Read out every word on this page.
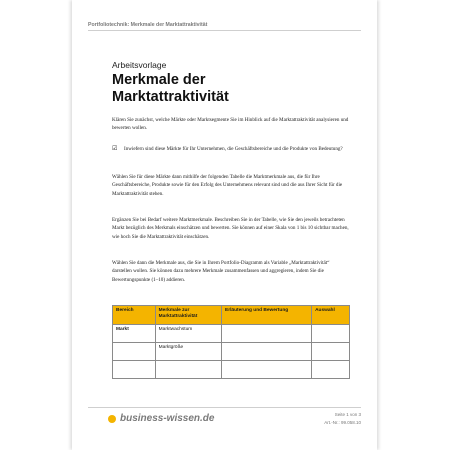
Portfoliotechnik: Merkmale der Marktattraktivität
Arbeitsvorlage
Merkmale der
Marktattraktivität
Klären Sie zunächst, welche Märkte oder Marktsegmente Sie im Hinblick auf die Marktattraktivität analysieren und bewerten wollen.
☑ Inwiefern sind diese Märkte für Ihr Unternehmen, die Geschäftsbereiche und die Produkte von Bedeutung?
Wählen Sie für diese Märkte dann mithilfe der folgenden Tabelle die Marktmerkmale aus, die für Ihre Geschäftsbereiche, Produkte sowie für den Erfolg des Unternehmens relevant sind und die aus Ihrer Sicht für die Marktattraktivität stehen.
Ergänzen Sie bei Bedarf weitere Marktmerkmale. Beschreiben Sie in der Tabelle, wie Sie den jeweils betrachteten Markt bezüglich des Merkmals einschätzen und bewerten. Sie können auf einer Skala von 1 bis 10 sichtbar machen, wie hoch Sie die Marktattraktivität einschätzen.
Wählen Sie dann die Merkmale aus, die Sie in Ihrem Portfolio-Diagramm als Variable „Marktattraktivität“ darstellen wollen. Sie können dazu mehrere Merkmale zusammenfassen und aggregieren, indem Sie die Bewertungspunkte (1–10) addieren.
Bereich	Merkmale zur Marktattraktivität	Erläuterung und Bewertung	Auswahl
Markt	Marktwachstum		
	Marktgröße		

business-wissen.de	Seite 1 von 3
Art.-Nr.: 99.058.10
